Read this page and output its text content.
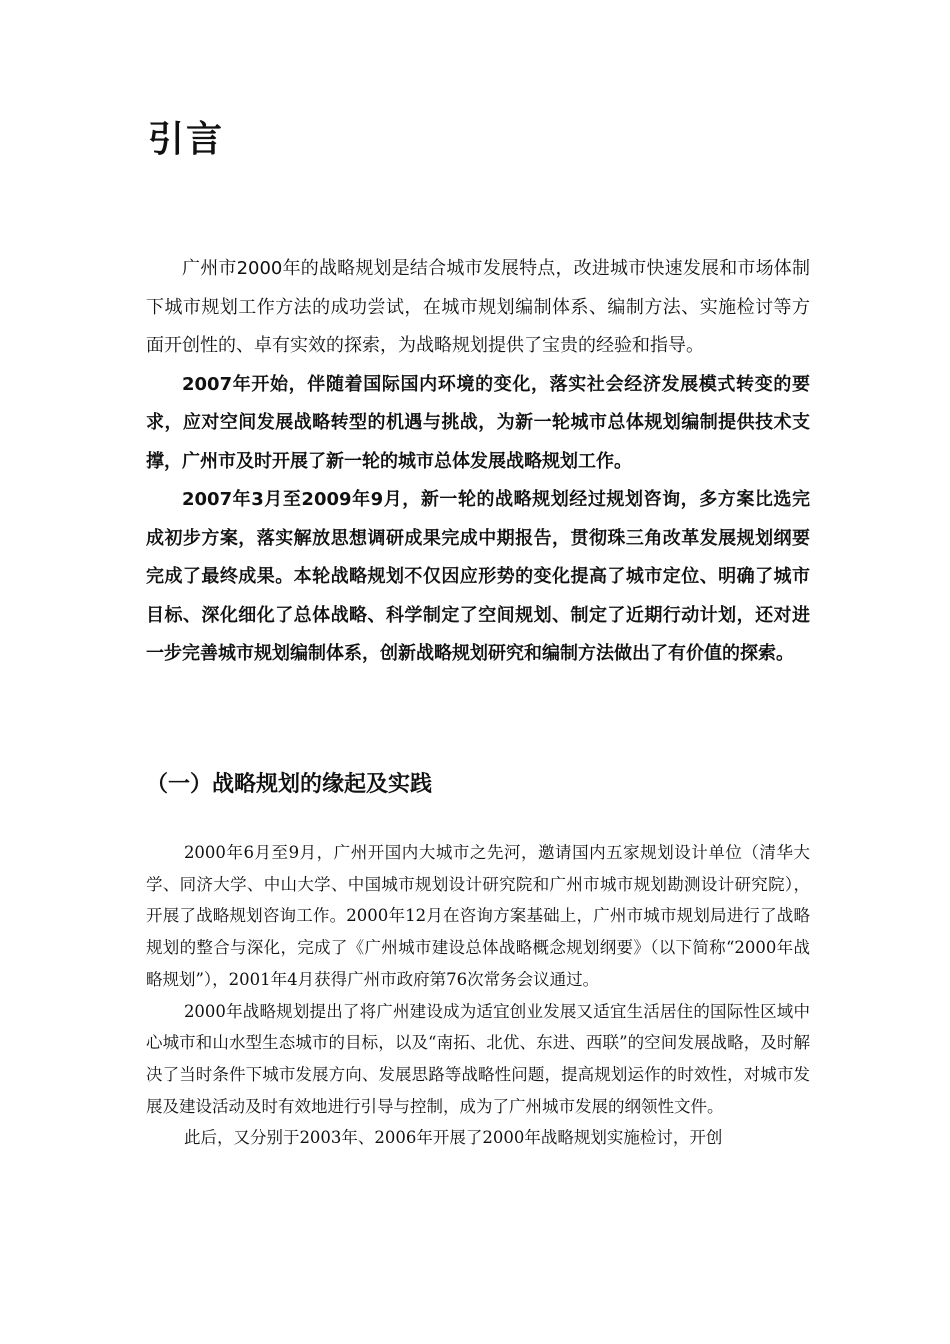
引言

广州市2000年的战略规划是结合城市发展特点，改进城市快速发展和市场体制下城市规划工作方法的成功尝试，在城市规划编制体系、编制方法、实施检讨等方面开创性的、卓有实效的探索，为战略规划提供了宝贵的经验和指导。

2007年开始，伴随着国际国内环境的变化，落实社会经济发展模式转变的要求，应对空间发展战略转型的机遇与挑战，为新一轮城市总体规划编制提供技术支撑，广州市及时开展了新一轮的城市总体发展战略规划工作。

2007年3月至2009年9月，新一轮的战略规划经过规划咨询，多方案比选完成初步方案，落实解放思想调研成果完成中期报告，贯彻珠三角改革发展规划纲要完成了最终成果。本轮战略规划不仅因应形势的变化提高了城市定位、明确了城市目标、深化细化了总体战略、科学制定了空间规划、制定了近期行动计划，还对进一步完善城市规划编制体系，创新战略规划研究和编制方法做出了有价值的探索。

（一）战略规划的缘起及实践

2000年6月至9月，广州开国内大城市之先河，邀请国内五家规划设计单位（清华大学、同济大学、中山大学、中国城市规划设计研究院和广州市城市规划勘测设计研究院），开展了战略规划咨询工作。2000年12月在咨询方案基础上，广州市城市规划局进行了战略规划的整合与深化，完成了《广州城市建设总体战略概念规划纲要》（以下简称“2000年战略规划”），2001年4月获得广州市政府第76次常务会议通过。

2000年战略规划提出了将广州建设成为适宜创业发展又适宜生活居住的国际性区域中心城市和山水型生态城市的目标，以及“南拓、北优、东进、西联”的空间发展战略，及时解决了当时条件下城市发展方向、发展思路等战略性问题，提高规划运作的时效性，对城市发展及建设活动及时有效地进行引导与控制，成为了广州城市发展的纲领性文件。

此后，又分别于2003年、2006年开展了2000年战略规划实施检讨，开创
